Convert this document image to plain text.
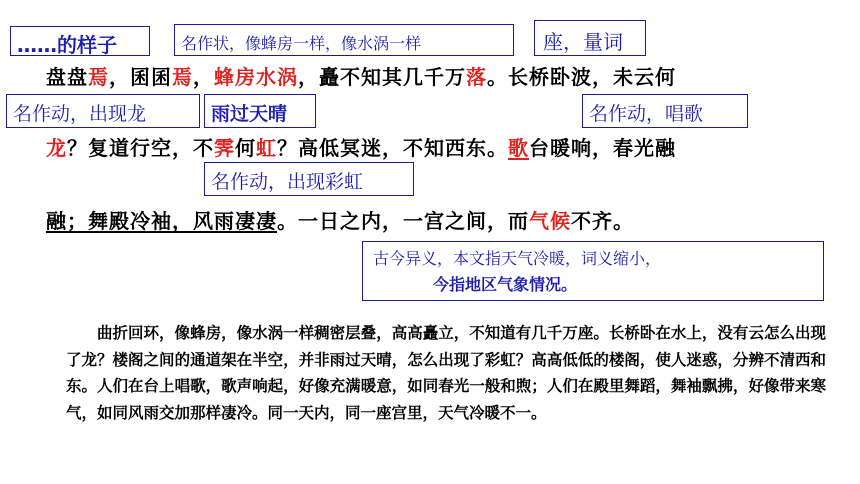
……的样子	名作状，像蜂房一样，像水涡一样	座，量词
名作动，出现龙	雨过天晴	名作动，唱歌
名作动，出现彩虹
古今异义，本文指天气冷暖，词义缩小，
今指地区气象情况。
盘盘焉，囷囷焉，蜂房水涡，矗不知其几千万落。长桥卧波，未云何
龙？复道行空，不霁何虹？高低冥迷，不知西东。歌台暖响，春光融
融；舞殿冷袖，风雨凄凄。一日之内，一宫之间，而气候不齐。
曲折回环，像蜂房，像水涡一样稠密层叠，高高矗立，不知道有几千万座。长桥卧在水上，没有云怎么出现了龙？楼阁之间的通道架在半空，并非雨过天晴，怎么出现了彩虹？高高低低的楼阁，使人迷惑，分辨不清西和东。人们在台上唱歌，歌声响起，好像充满暖意，如同春光一般和煦；人们在殿里舞蹈，舞袖飘拂，好像带来寒气，如同风雨交加那样凄冷。同一天内，同一座宫里，天气冷暖不一。
